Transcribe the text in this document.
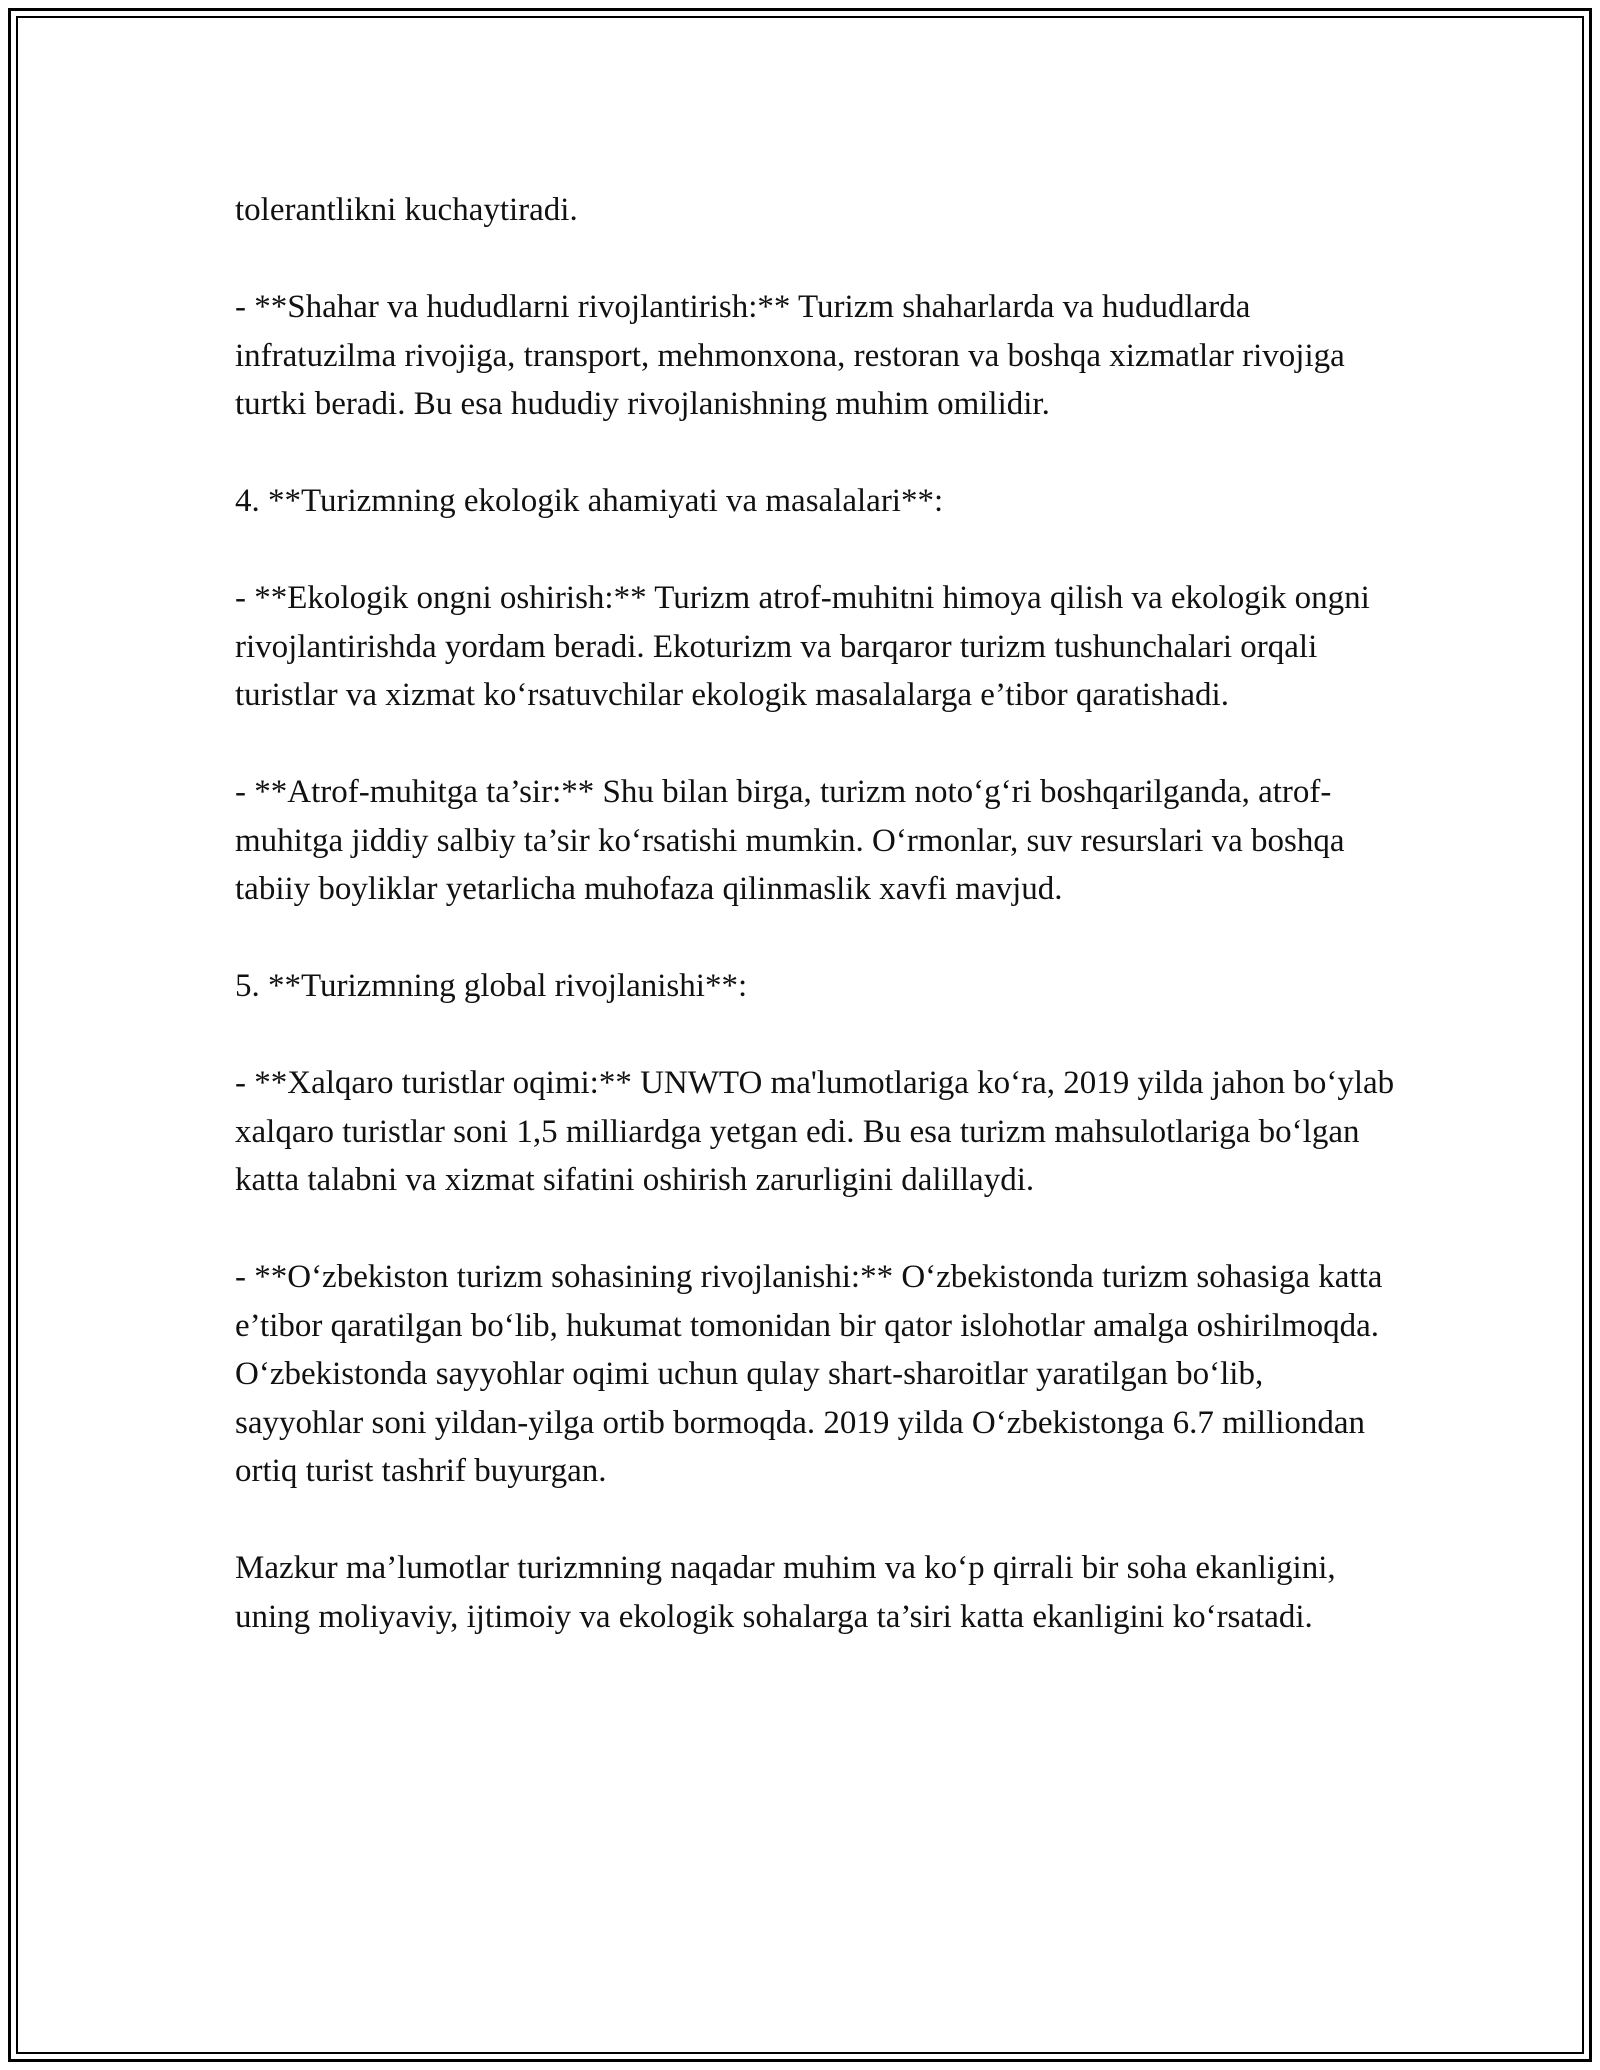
tolerantlikni kuchaytiradi.

- **Shahar va hududlarni rivojlantirish:** Turizm shaharlarda va hududlarda infratuzilma rivojiga, transport, mehmonxona, restoran va boshqa xizmatlar rivojiga turtki beradi. Bu esa hududiy rivojlanishning muhim omilidir.

4. **Turizmning ekologik ahamiyati va masalalari**:

- **Ekologik ongni oshirish:** Turizm atrof-muhitni himoya qilish va ekologik ongni rivojlantirishda yordam beradi. Ekoturizm va barqaror turizm tushunchalari orqali turistlar va xizmat koʻrsatuvchilar ekologik masalalarga e’tibor qaratishadi.

- **Atrof-muhitga ta’sir:** Shu bilan birga, turizm notoʻgʻri boshqarilganda, atrof-muhitga jiddiy salbiy ta’sir koʻrsatishi mumkin. Oʻrmonlar, suv resurslari va boshqa tabiiy boyliklar yetarlicha muhofaza qilinmaslik xavfi mavjud.

5. **Turizmning global rivojlanishi**:

- **Xalqaro turistlar oqimi:** UNWTO ma'lumotlariga koʻra, 2019 yilda jahon boʻylab xalqaro turistlar soni 1,5 milliardga yetgan edi. Bu esa turizm mahsulotlariga boʻlgan katta talabni va xizmat sifatini oshirish zarurligini dalillaydi.

- **Oʻzbekiston turizm sohasining rivojlanishi:** Oʻzbekistonda turizm sohasiga katta e’tibor qaratilgan boʻlib, hukumat tomonidan bir qator islohotlar amalga oshirilmoqda. Oʻzbekistonda sayyohlar oqimi uchun qulay shart-sharoitlar yaratilgan boʻlib, sayyohlar soni yildan-yilga ortib bormoqda. 2019 yilda Oʻzbekistonga 6.7 milliondan ortiq turist tashrif buyurgan.

Mazkur ma’lumotlar turizmning naqadar muhim va koʻp qirrali bir soha ekanligini, uning moliyaviy, ijtimoiy va ekologik sohalarga ta’siri katta ekanligini koʻrsatadi.
